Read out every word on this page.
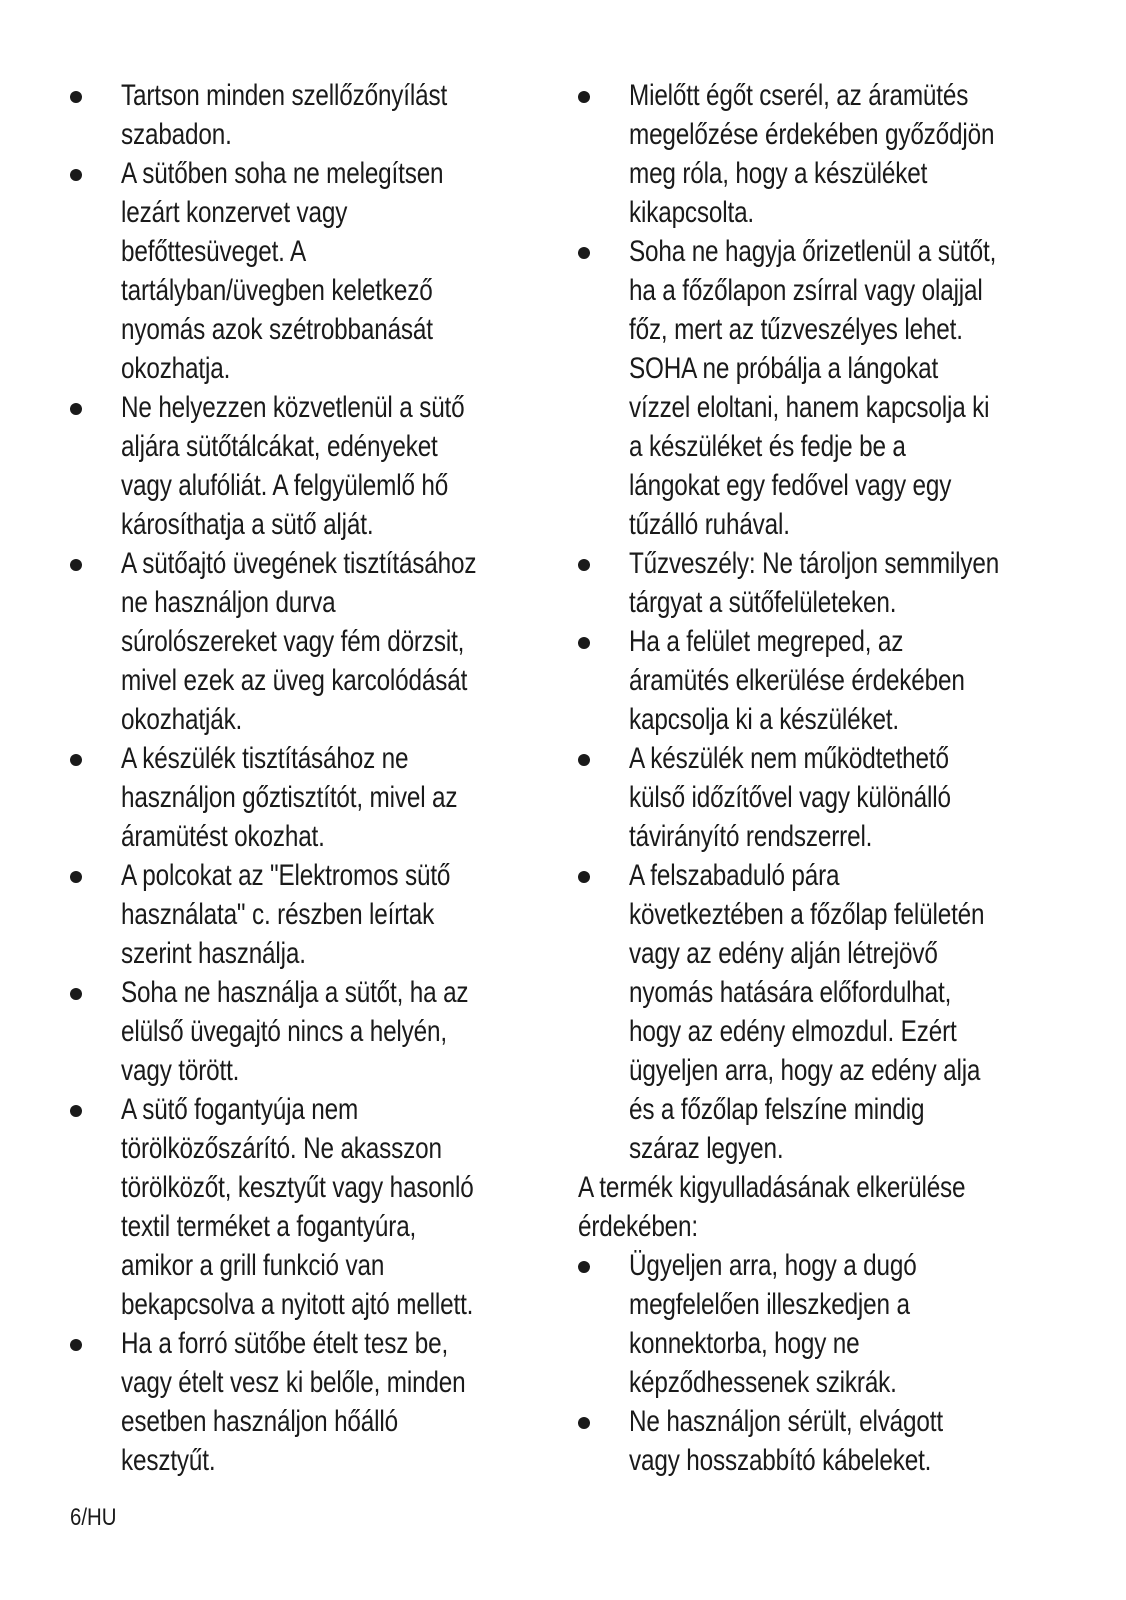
Tartson minden szellőzőnyílást
szabadon.
A sütőben soha ne melegítsen
lezárt konzervet vagy
befőttesüveget. A
tartályban/üvegben keletkező
nyomás azok szétrobbanását
okozhatja.
Ne helyezzen közvetlenül a sütő
aljára sütőtálcákat, edényeket
vagy alufóliát. A felgyülemlő hő
károsíthatja a sütő alját.
A sütőajtó üvegének tisztításához
ne használjon durva
súrolószereket vagy fém dörzsit,
mivel ezek az üveg karcolódását
okozhatják.
A készülék tisztításához ne
használjon gőztisztítót, mivel az
áramütést okozhat.
A polcokat az "Elektromos sütő
használata" c. részben leírtak
szerint használja.
Soha ne használja a sütőt, ha az
elülső üvegajtó nincs a helyén,
vagy törött.
A sütő fogantyúja nem
törölközőszárító. Ne akasszon
törölközőt, kesztyűt vagy hasonló
textil terméket a fogantyúra,
amikor a grill funkció van
bekapcsolva a nyitott ajtó mellett.
Ha a forró sütőbe ételt tesz be,
vagy ételt vesz ki belőle, minden
esetben használjon hőálló
kesztyűt.
Mielőtt égőt cserél, az áramütés
megelőzése érdekében győződjön
meg róla, hogy a készüléket
kikapcsolta.
Soha ne hagyja őrizetlenül a sütőt,
ha a főzőlapon zsírral vagy olajjal
főz, mert az tűzveszélyes lehet.
SOHA ne próbálja a lángokat
vízzel eloltani, hanem kapcsolja ki
a készüléket és fedje be a
lángokat egy fedővel vagy egy
tűzálló ruhával.
Tűzveszély: Ne tároljon semmilyen
tárgyat a sütőfelületeken.
Ha a felület megreped, az
áramütés elkerülése érdekében
kapcsolja ki a készüléket.
A készülék nem működtethető
külső időzítővel vagy különálló
távirányító rendszerrel.
A felszabaduló pára
következtében a főzőlap felületén
vagy az edény alján létrejövő
nyomás hatására előfordulhat,
hogy az edény elmozdul. Ezért
ügyeljen arra, hogy az edény alja
és a főzőlap felszíne mindig
száraz legyen.

A termék kigyulladásának elkerülése
érdekében:

Ügyeljen arra, hogy a dugó
megfelelően illeszkedjen a
konnektorba, hogy ne
képződhessenek szikrák.
Ne használjon sérült, elvágott
vagy hosszabbító kábeleket.
6/HU
